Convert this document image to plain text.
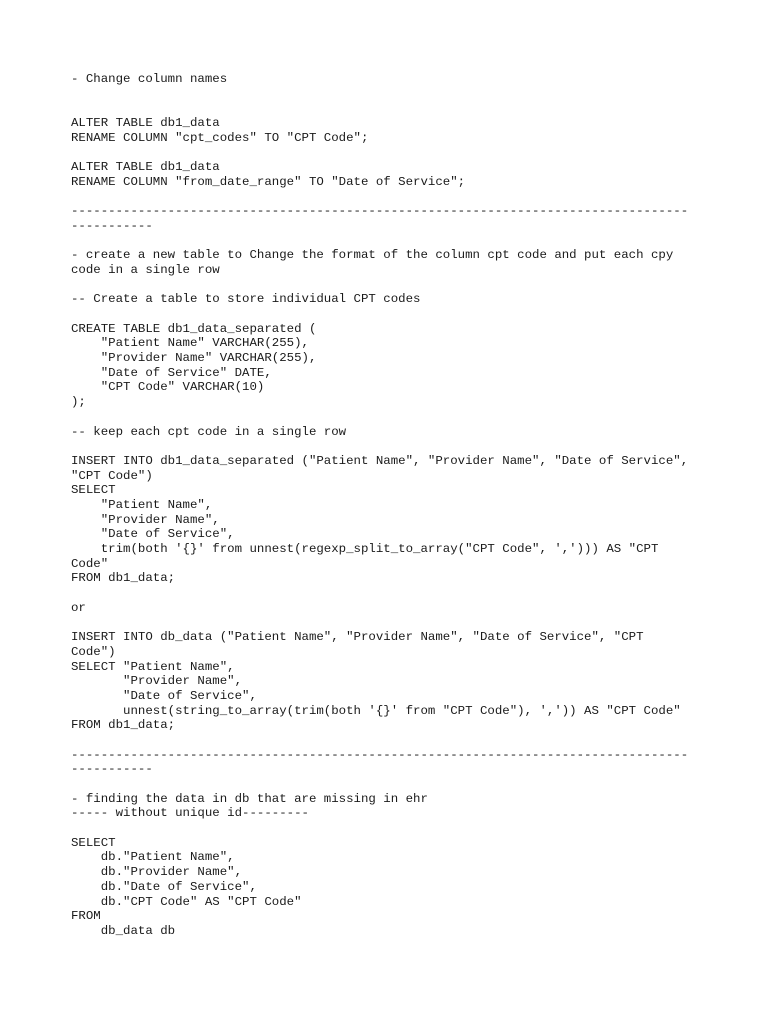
- Change column names
ALTER TABLE db1_data
RENAME COLUMN "cpt_codes" TO "CPT Code";
ALTER TABLE db1_data
RENAME COLUMN "from_date_range" TO "Date of Service";
-----------------------------------------------------------------------------------
-----------
- create a new table to Change the format of the column cpt code and put each cpy
code in a single row
-- Create a table to store individual CPT codes
CREATE TABLE db1_data_separated (
"Patient Name" VARCHAR(255),
"Provider Name" VARCHAR(255),
"Date of Service" DATE,
"CPT Code" VARCHAR(10)
);
-- keep each cpt code in a single row
INSERT INTO db1_data_separated ("Patient Name", "Provider Name", "Date of Service",
"CPT Code")
SELECT
"Patient Name",
"Provider Name",
"Date of Service",
trim(both '{}' from unnest(regexp_split_to_array("CPT Code", ','))) AS "CPT
Code"
FROM db1_data;
or
INSERT INTO db_data ("Patient Name", "Provider Name", "Date of Service", "CPT
Code")
SELECT "Patient Name",
"Provider Name",
"Date of Service",
unnest(string_to_array(trim(both '{}' from "CPT Code"), ',')) AS "CPT Code"
FROM db1_data;
-----------------------------------------------------------------------------------
-----------
- finding the data in db that are missing in ehr
----- without unique id---------
SELECT
db."Patient Name",
db."Provider Name",
db."Date of Service",
db."CPT Code" AS "CPT Code"
FROM
db_data db
